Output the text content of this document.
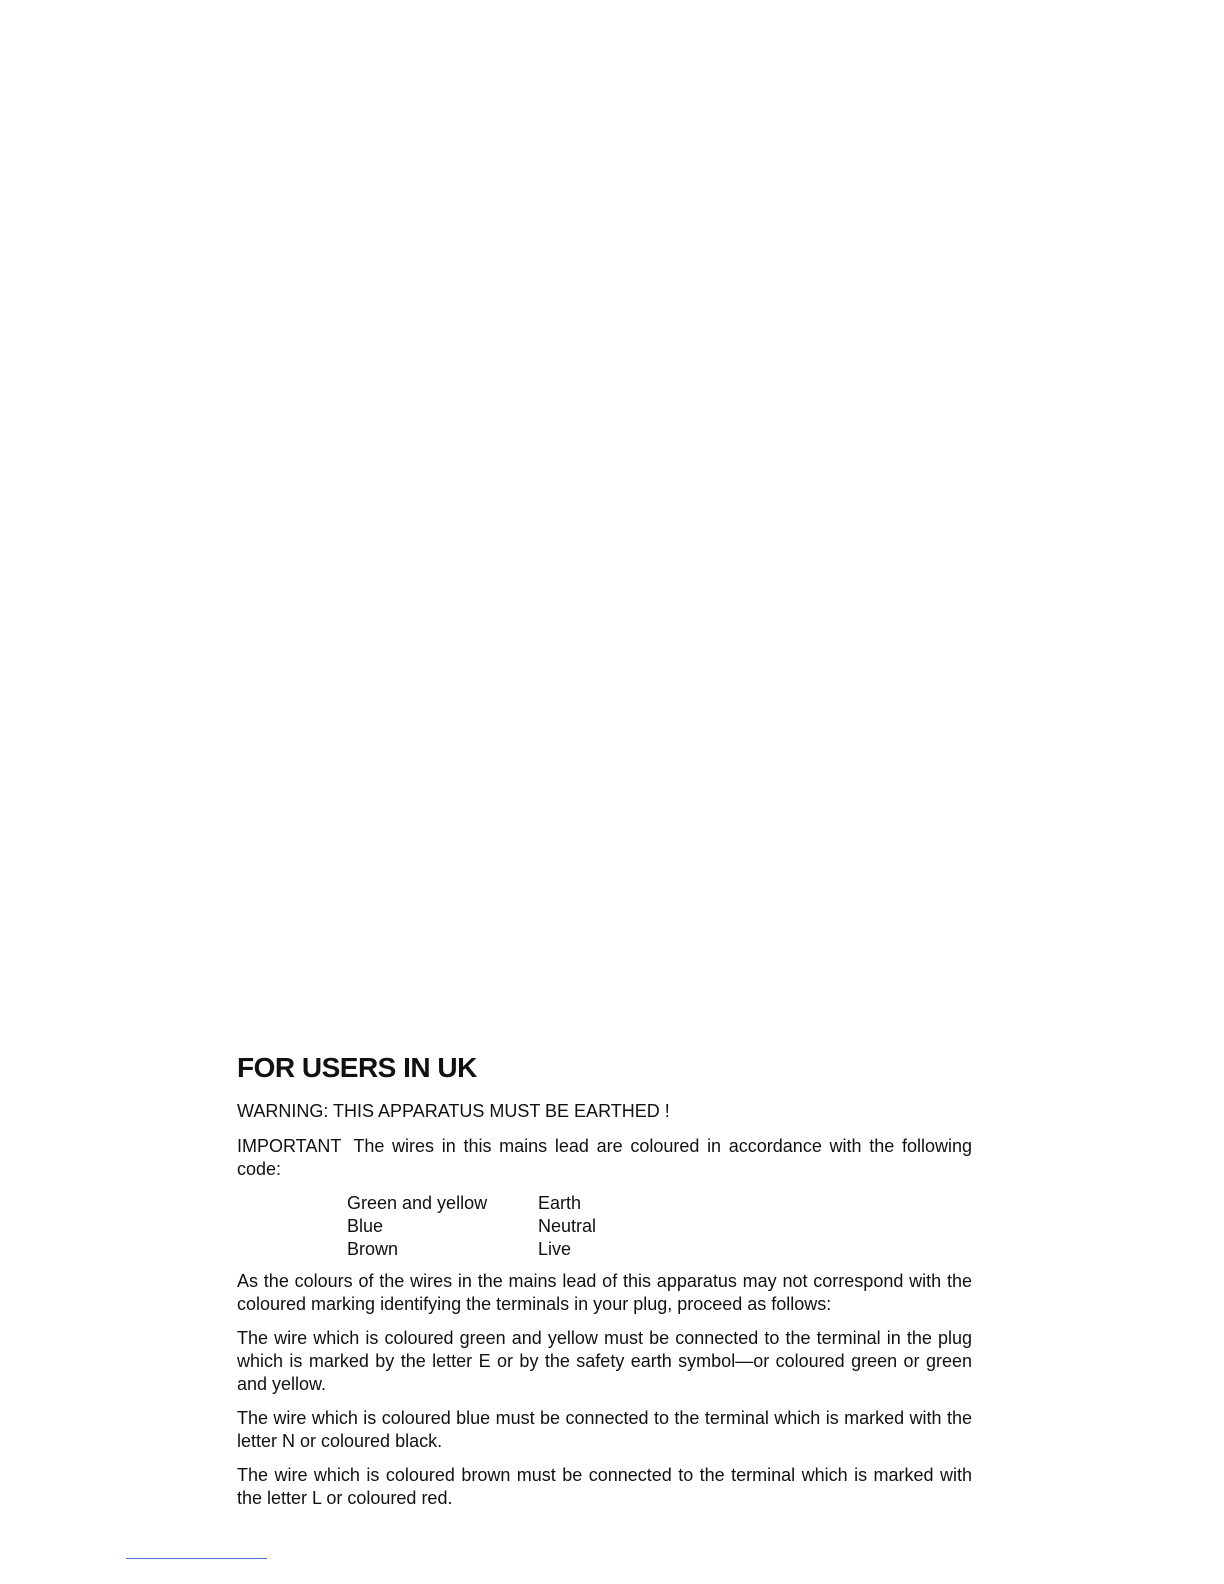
FOR USERS IN UK

WARNING: THIS APPARATUS MUST BE EARTHED !

IMPORTANT The wires in this mains lead are coloured in accordance with the following code:

Green and yellow	Earth
Blue	Neutral
Brown	Live

As the colours of the wires in the mains lead of this apparatus may not correspond with the coloured marking identifying the terminals in your plug, proceed as follows:

The wire which is coloured green and yellow must be connected to the terminal in the plug which is marked by the letter E or by the safety earth symbol—or coloured green or green and yellow.

The wire which is coloured blue must be connected to the terminal which is marked with the letter N or coloured black.

The wire which is coloured brown must be connected to the terminal which is marked with the letter L or coloured red.
